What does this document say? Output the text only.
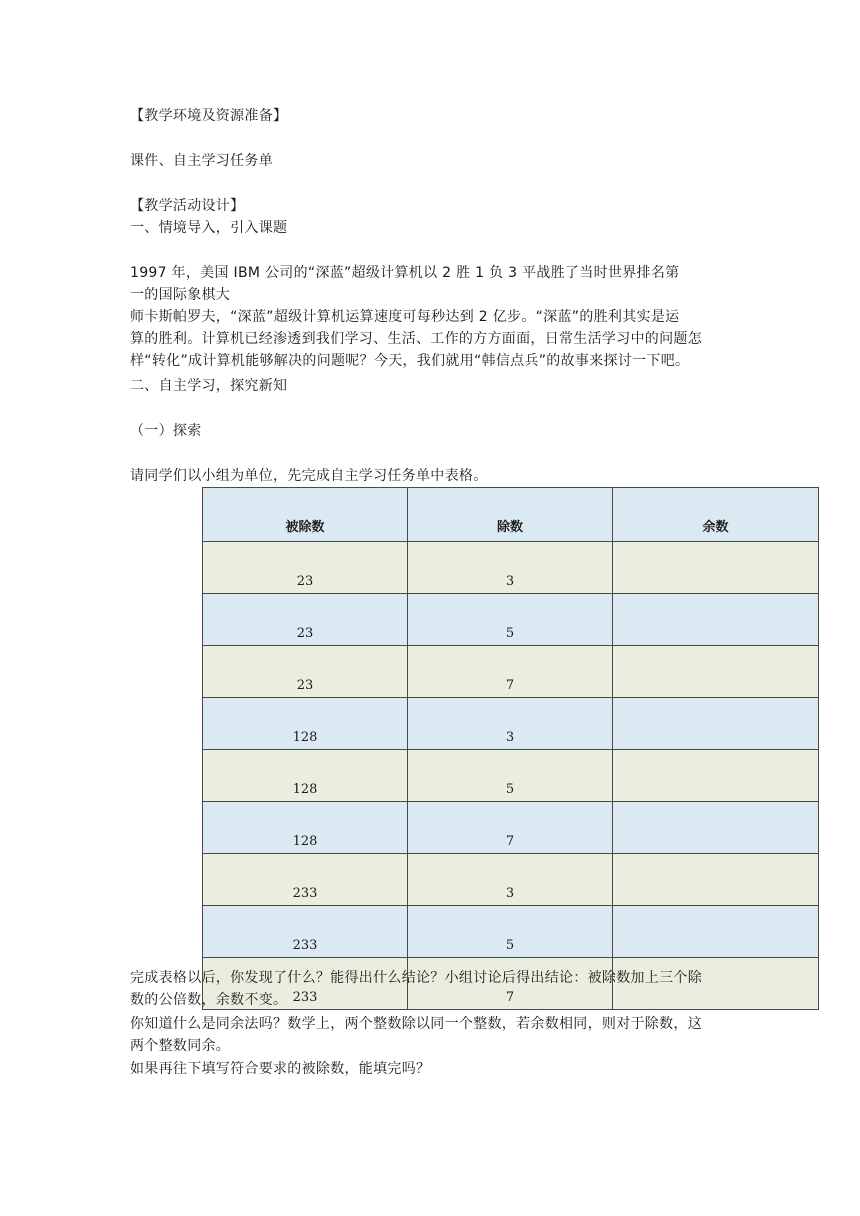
【教学环境及资源准备】
课件、自主学习任务单
【教学活动设计】
一、情境导入，引入课题
1997 年，美国 IBM 公司的“深蓝”超级计算机以 2 胜 1 负 3 平战胜了当时世界排名第
一的国际象棋大
师卡斯帕罗夫，“深蓝”超级计算机运算速度可每秒达到 2 亿步。“深蓝”的胜利其实是运
算的胜利。计算机已经渗透到我们学习、生活、工作的方方面面，日常生活学习中的问题怎
样“转化”成计算机能够解决的问题呢？今天，我们就用“韩信点兵”的故事来探讨一下吧。
二、自主学习，探究新知
（一）探索
请同学们以小组为单位，先完成自主学习任务单中表格。
被除数	除数	余数
23	3	
23	5	
23	7	
128	3	
128	5	
128	7	
233	3	
233	5	
233	7	
完成表格以后，你发现了什么？能得出什么结论？小组讨论后得出结论：被除数加上三个除
数的公倍数，余数不变。
你知道什么是同余法吗？数学上，两个整数除以同一个整数，若余数相同，则对于除数，这
两个整数同余。
如果再往下填写符合要求的被除数，能填完吗？
